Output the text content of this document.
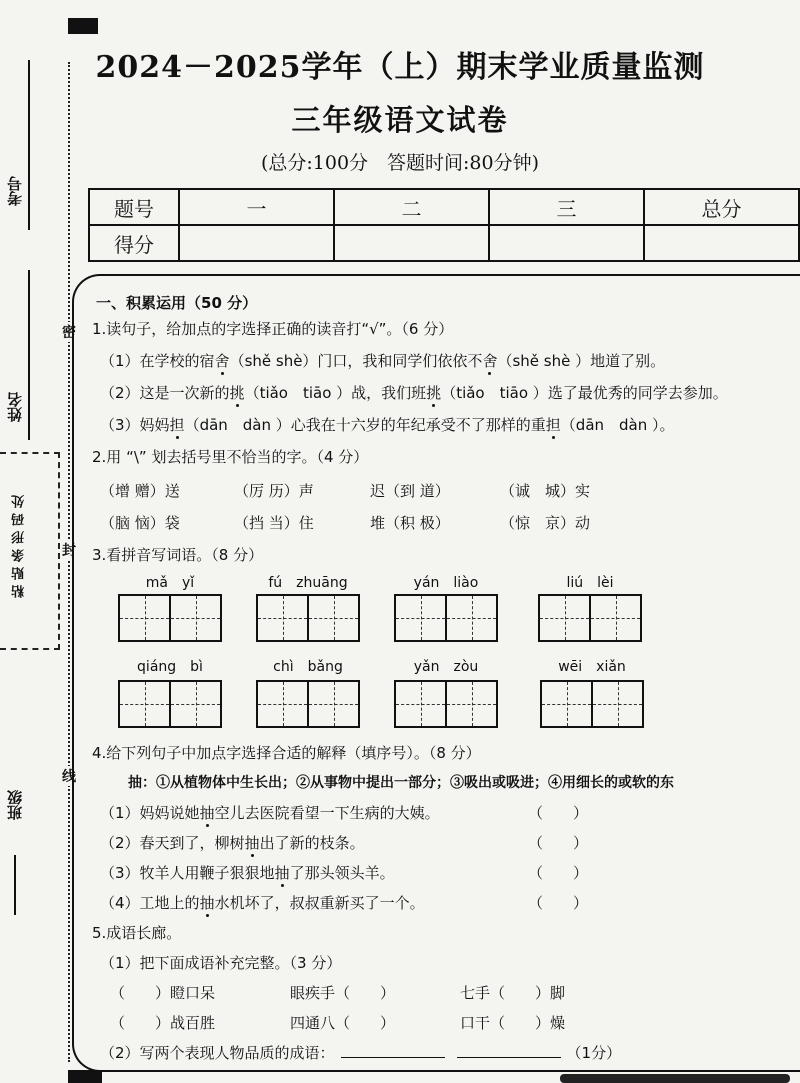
考号
姓名
粘贴条形码处
班级
密
封
线
2024－2025学年（上）期末学业质量监测
三年级语文试卷
(总分:100分　答题时间:80分钟)
题号	一	二	三	总分
得分				
一、积累运用（50 分）
1.读句子，给加点的字选择正确的读音打“√”。（6 分）
（1）在学校的宿舍（shě shè）门口，我和同学们依依不舍（shě shè ）地道了别。
（2）这是一次新的挑（tiǎo　tiāo ）战，我们班挑（tiǎo　tiāo ）选了最优秀的同学去参加。
（3）妈妈担（dān　dàn ）心我在十六岁的年纪承受不了那样的重担（dān　dàn ）。
2.用 “\” 划去括号里不恰当的字。（4 分）
（增 赠）送	（厉 历）声	迟（到 道）	（诚　城）实
（脑 恼）袋	（挡 当）住	堆（积 极）	（惊　京）动
3.看拼音写词语。（8 分）
mǎ　yǐ	fú　zhuāng	yán　liào	liú　lèi
qiáng　bì	chì　bǎng	yǎn　zòu	wēi　xiǎn
4.给下列句子中加点字选择合适的解释（填序号）。（8 分）
抽：①从植物体中生长出；②从事物中提出一部分；③吸出或吸进；④用细长的或软的东
（1）妈妈说她抽空儿去医院看望一下生病的大姨。	（　　）
（2）春天到了，柳树抽出了新的枝条。	（　　）
（3）牧羊人用鞭子狠狠地抽了那头领头羊。	（　　）
（4）工地上的抽水机坏了，叔叔重新买了一个。	（　　）
5.成语长廊。
（1）把下面成语补充完整。（3 分）
（　　）瞪口呆	眼疾手（　　）	七手（　　）脚
（　　）战百胜	四通八（　　）	口干（　　）燥
（2）写两个表现人物品质的成语：	（1分）
